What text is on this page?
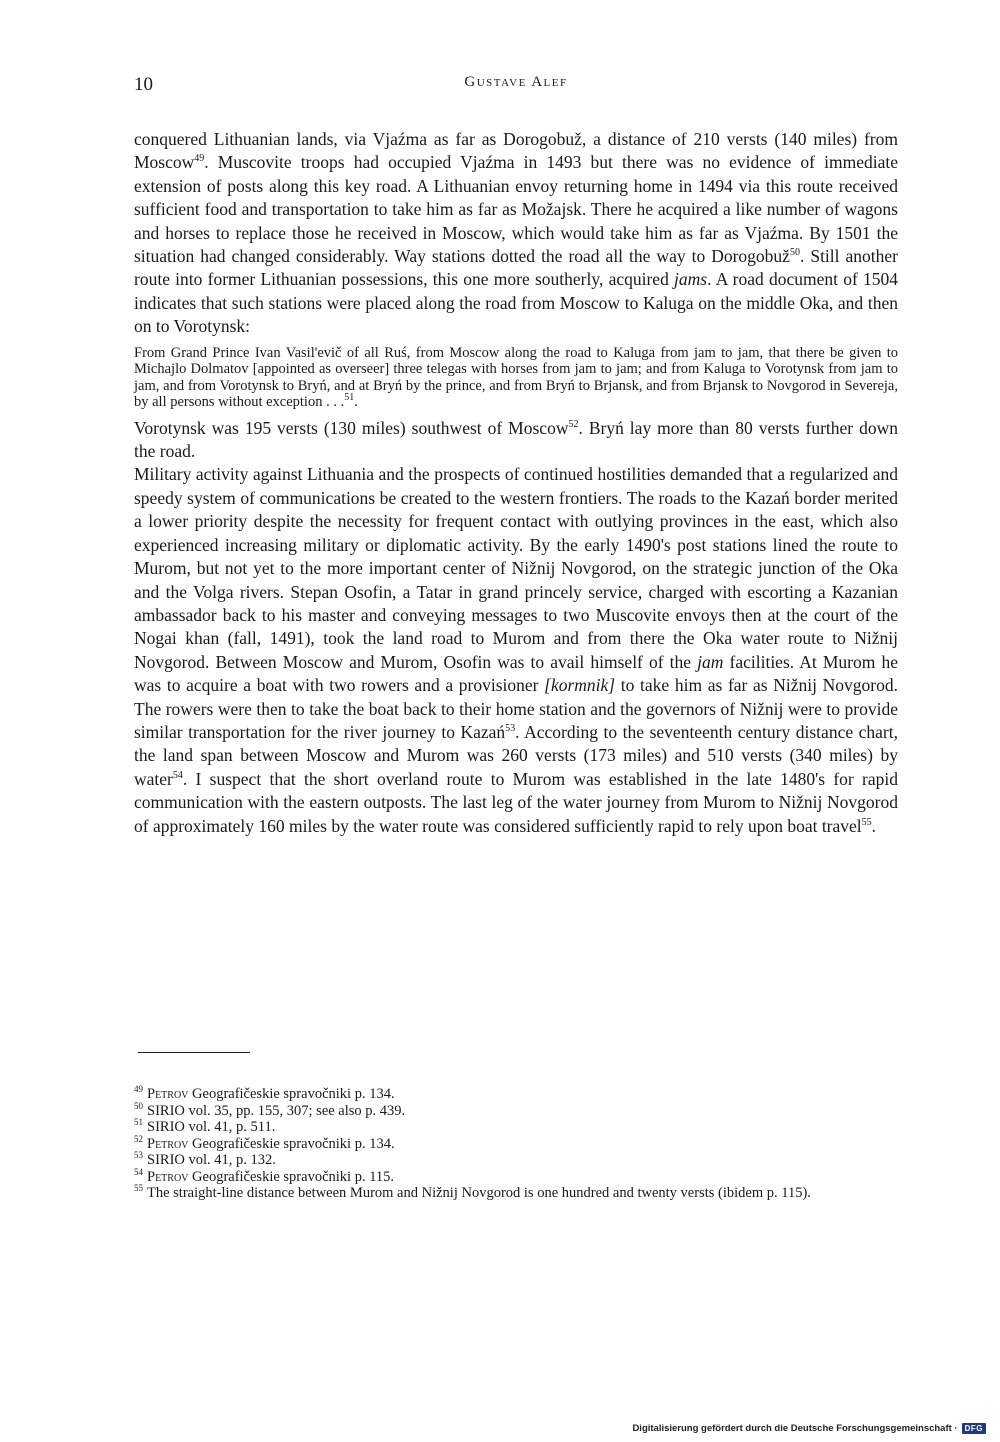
10	Gustave Alef

conquered Lithuanian lands, via Vjaźma as far as Dorogobuž, a distance of 210 versts (140 miles) from Moscow$^{49}$. Muscovite troops had occupied Vjaźma in 1493 but there was no evidence of immediate extension of posts along this key road. A Lithuanian envoy returning home in 1494 via this route received sufficient food and transportation to take him as far as Možajsk. There he acquired a like number of wagons and horses to replace those he received in Moscow, which would take him as far as Vjaźma. By 1501 the situation had changed considerably. Way stations dotted the road all the way to Dorogobuž$^{50}$. Still another route into former Lithuanian possessions, this one more southerly, acquired jams. A road document of 1504 indicates that such stations were placed along the road from Moscow to Kaluga on the middle Oka, and then on to Vorotynsk:

From Grand Prince Ivan Vasil'evič of all Ruś, from Moscow along the road to Kaluga from jam to jam, that there be given to Michajlo Dolmatov [appointed as overseer] three telegas with horses from jam to jam; and from Kaluga to Vorotynsk from jam to jam, and from Vorotynsk to Bryń, and at Bryń by the prince, and from Bryń to Brjansk, and from Brjansk to Novgorod in Severeja, by all persons without exception . . .$^{51}$.

Vorotynsk was 195 versts (130 miles) southwest of Moscow$^{52}$. Bryń lay more than 80 versts further down the road.

Military activity against Lithuania and the prospects of continued hostilities demanded that a regularized and speedy system of communications be created to the western frontiers. The roads to the Kazań border merited a lower priority despite the necessity for frequent contact with outlying provinces in the east, which also experienced increasing military or diplomatic activity. By the early 1490's post stations lined the route to Murom, but not yet to the more important center of Nižnij Novgorod, on the strategic junction of the Oka and the Volga rivers. Stepan Osofin, a Tatar in grand princely service, charged with escorting a Kazanian ambassador back to his master and conveying messages to two Muscovite envoys then at the court of the Nogai khan (fall, 1491), took the land road to Murom and from there the Oka water route to Nižnij Novgorod. Between Moscow and Murom, Osofin was to avail himself of the jam facilities. At Murom he was to acquire a boat with two rowers and a provisioner [kormnik] to take him as far as Nižnij Novgorod. The rowers were then to take the boat back to their home station and the governors of Nižnij were to provide similar transportation for the river journey to Kazań$^{53}$. According to the seventeenth century distance chart, the land span between Moscow and Murom was 260 versts (173 miles) and 510 versts (340 miles) by water$^{54}$. I suspect that the short overland route to Murom was established in the late 1480's for rapid communication with the eastern outposts. The last leg of the water journey from Murom to Nižnij Novgorod of approximately 160 miles by the water route was considered sufficiently rapid to rely upon boat travel$^{55}$.

$^{49}$ Petrov Geografičeskie spravočniki p. 134.

$^{50}$ SIRIO vol. 35, pp. 155, 307; see also p. 439.

$^{51}$ SIRIO vol. 41, p. 511.

$^{52}$ Petrov Geografičeskie spravočniki p. 134.

$^{53}$ SIRIO vol. 41, p. 132.

$^{54}$ Petrov Geografičeskie spravočniki p. 115.

$^{55}$ The straight-line distance between Murom and Nižnij Novgorod is one hundred and twenty versts (ibidem p. 115).

Digitalisierung gefördert durch die Deutsche Forschungsgemeinschaft · DFG
